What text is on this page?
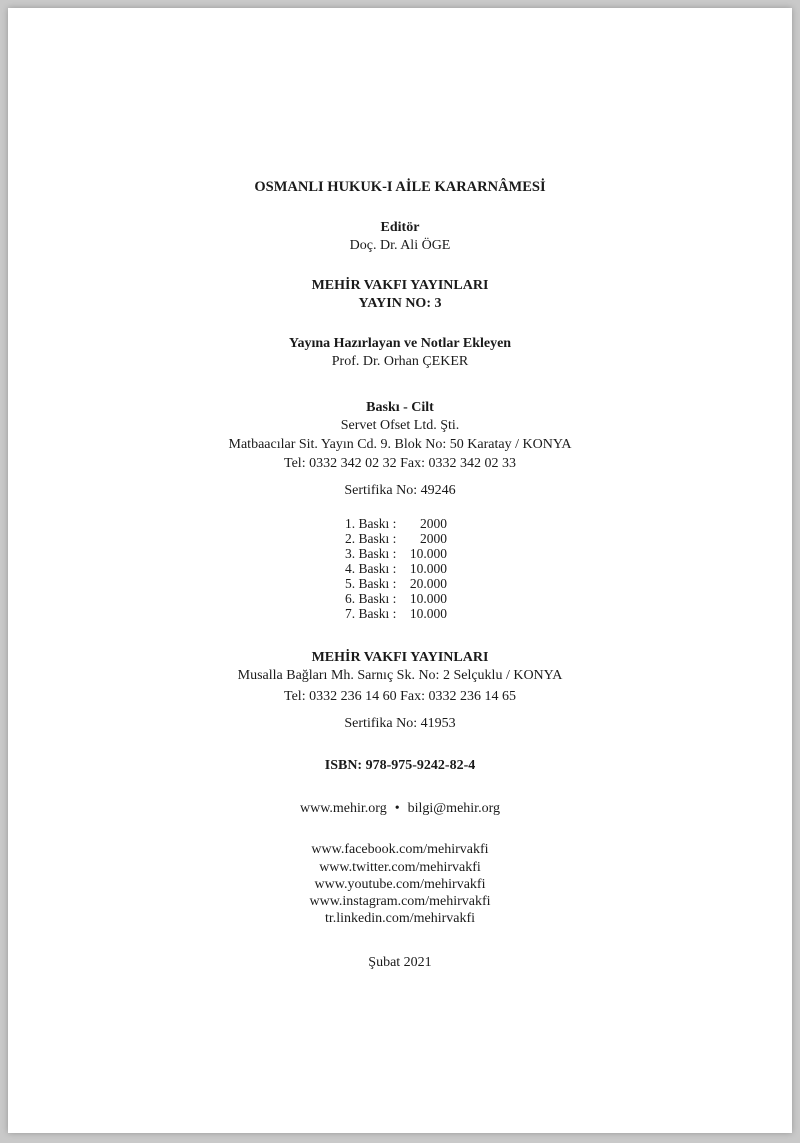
OSMANLI HUKUK-I AİLE KARARNÂMESİ
Editör
Doç. Dr. Ali ÖGE
MEHİR VAKFI YAYINLARI
YAYIN NO: 3
Yayına Hazırlayan ve Notlar Ekleyen
Prof. Dr. Orhan ÇEKER
Baskı - Cilt
Servet Ofset Ltd. Şti.
Matbaacılar Sit. Yayın Cd. 9. Blok No: 50 Karatay / KONYA
Tel: 0332 342 02 32 Fax: 0332 342 02 33
Sertifika No: 49246
1. Baskı :	2000
2. Baskı :	2000
3. Baskı : 10.000
4. Baskı : 10.000
5. Baskı : 20.000
6. Baskı : 10.000
7. Baskı : 10.000
MEHİR VAKFI YAYINLARI
Musalla Bağları Mh. Sarnıç Sk. No: 2 Selçuklu / KONYA
Tel: 0332 236 14 60 Fax: 0332 236 14 65
Sertifika No: 41953
ISBN: 978-975-9242-82-4
www.mehir.org • bilgi@mehir.org
www.facebook.com/mehirvakfi
www.twitter.com/mehirvakfi
www.youtube.com/mehirvakfi
www.instagram.com/mehirvakfi
tr.linkedin.com/mehirvakfi
Şubat 2021
